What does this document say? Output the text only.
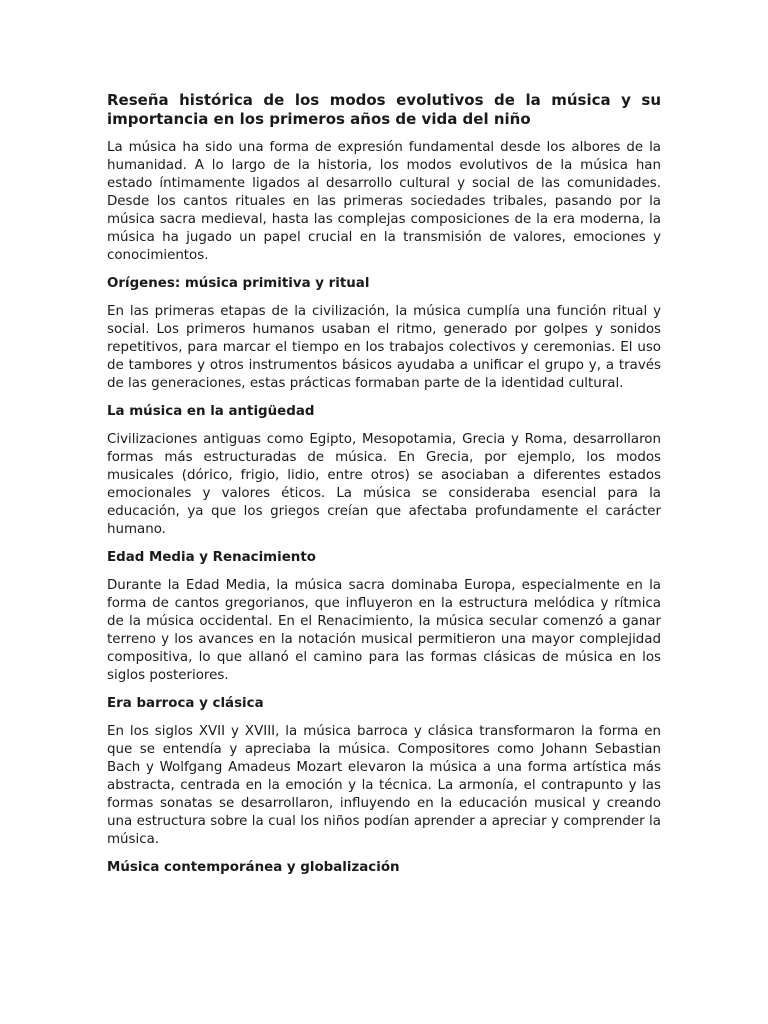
Reseña histórica de los modos evolutivos de la música y su importancia en los primeros años de vida del niño

La música ha sido una forma de expresión fundamental desde los albores de la humanidad. A lo largo de la historia, los modos evolutivos de la música han estado íntimamente ligados al desarrollo cultural y social de las comunidades. Desde los cantos rituales en las primeras sociedades tribales, pasando por la música sacra medieval, hasta las complejas composiciones de la era moderna, la música ha jugado un papel crucial en la transmisión de valores, emociones y conocimientos.

Orígenes: música primitiva y ritual

En las primeras etapas de la civilización, la música cumplía una función ritual y social. Los primeros humanos usaban el ritmo, generado por golpes y sonidos repetitivos, para marcar el tiempo en los trabajos colectivos y ceremonias. El uso de tambores y otros instrumentos básicos ayudaba a unificar el grupo y, a través de las generaciones, estas prácticas formaban parte de la identidad cultural.

La música en la antigüedad

Civilizaciones antiguas como Egipto, Mesopotamia, Grecia y Roma, desarrollaron formas más estructuradas de música. En Grecia, por ejemplo, los modos musicales (dórico, frigio, lidio, entre otros) se asociaban a diferentes estados emocionales y valores éticos. La música se consideraba esencial para la educación, ya que los griegos creían que afectaba profundamente el carácter humano.

Edad Media y Renacimiento

Durante la Edad Media, la música sacra dominaba Europa, especialmente en la forma de cantos gregorianos, que influyeron en la estructura melódica y rítmica de la música occidental. En el Renacimiento, la música secular comenzó a ganar terreno y los avances en la notación musical permitieron una mayor complejidad compositiva, lo que allanó el camino para las formas clásicas de música en los siglos posteriores.

Era barroca y clásica

En los siglos XVII y XVIII, la música barroca y clásica transformaron la forma en que se entendía y apreciaba la música. Compositores como Johann Sebastian Bach y Wolfgang Amadeus Mozart elevaron la música a una forma artística más abstracta, centrada en la emoción y la técnica. La armonía, el contrapunto y las formas sonatas se desarrollaron, influyendo en la educación musical y creando una estructura sobre la cual los niños podían aprender a apreciar y comprender la música.

Música contemporánea y globalización
